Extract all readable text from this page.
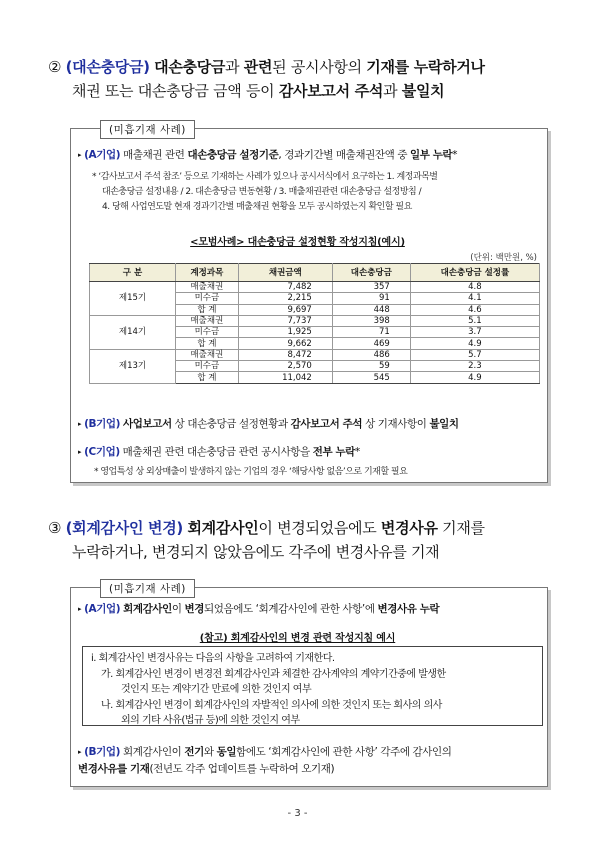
② (대손충당금) 대손충당금과 관련된 공시사항의 기재를 누락하거나
채권 또는 대손충당금 금액 등이 감사보고서 주석과 불일치
(미흡기재 사례)
▸ (A기업) 매출채권 관련 대손충당금 설정기준, 경과기간별 매출채권잔액 중 일부 누락*
* ‘감사보고서 주석 참조’ 등으로 기재하는 사례가 있으나 공시서식에서 요구하는 1. 계정과목별
대손충당금 설정내용 / 2. 대손충당금 변동현황 / 3. 매출채권관련 대손충당금 설정방침 /
4. 당해 사업연도말 현재 경과기간별 매출채권 현황을 모두 공시하였는지 확인할 필요
<모범사례> 대손충당금 설정현황 작성지침(예시)
(단위: 백만원, %)
구 분	계정과목	채권금액	대손충당금	대손충당금 설정률
제15기	매출채권	7,482	357	4.8
	미수금	2,215	91	4.1
	합 계	9,697	448	4.6
제14기	매출채권	7,737	398	5.1
	미수금	1,925	71	3.7
	합 계	9,662	469	4.9
제13기	매출채권	8,472	486	5.7
	미수금	2,570	59	2.3
	합 계	11,042	545	4.9
▸ (B기업) 사업보고서 상 대손충당금 설정현황과 감사보고서 주석 상 기재사항이 불일치
▸ (C기업) 매출채권 관련 대손충당금 관련 공시사항을 전부 누락*
* 영업특성 상 외상매출이 발생하지 않는 기업의 경우 ‘해당사항 없음’으로 기재할 필요
③ (회계감사인 변경) 회계감사인이 변경되었음에도 변경사유 기재를
누락하거나, 변경되지 않았음에도 각주에 변경사유를 기재
(미흡기재 사례)
▸ (A기업) 회계감사인이 변경되었음에도 ‘회계감사인에 관한 사항’에 변경사유 누락
(참고) 회계감사인의 변경 관련 작성지침 예시
ⅰ. 회계감사인 변경사유는 다음의 사항을 고려하여 기재한다.
가. 회계감사인 변경이 변경전 회계감사인과 체결한 감사계약의 계약기간중에 발생한
것인지 또는 계약기간 만료에 의한 것인지 여부
나. 회계감사인 변경이 회계감사인의 자발적인 의사에 의한 것인지 또는 회사의 의사
외의 기타 사유(법규 등)에 의한 것인지 여부
▸ (B기업) 회계감사인이 전기와 동일함에도 ‘회계감사인에 관한 사항’ 각주에 감사인의
변경사유를 기재(전년도 각주 업데이트를 누락하여 오기재)
- 3 -
